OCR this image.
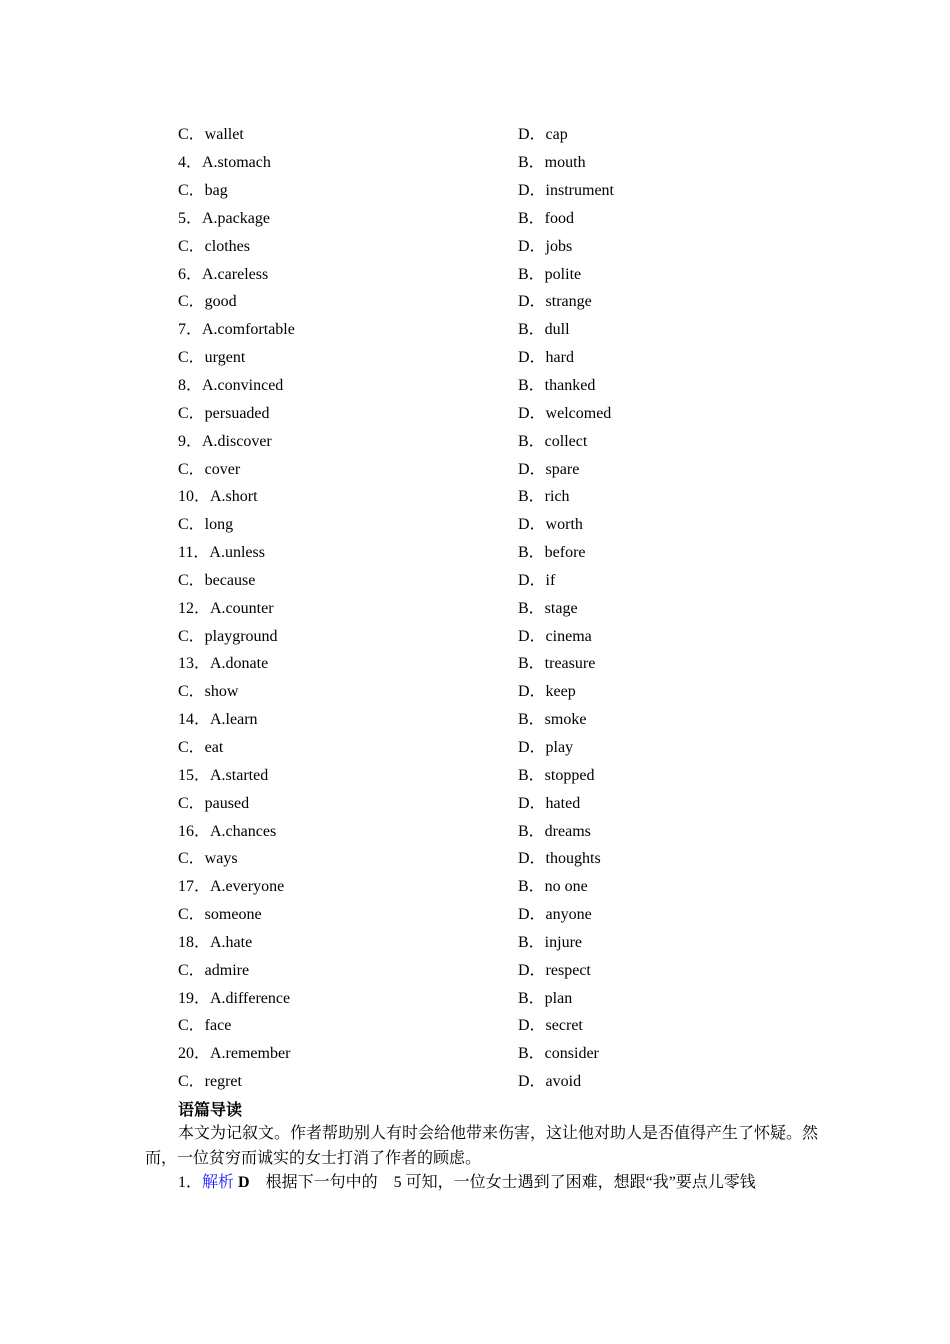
C．wallet	D．cap
4．A.stomach	B．mouth
C．bag	D．instrument
5．A.package	B．food
C．clothes	D．jobs
6．A.careless	B．polite
C．good	D．strange
7．A.comfortable	B．dull
C．urgent	D．hard
8．A.convinced	B．thanked
C．persuaded	D．welcomed
9．A.discover	B．collect
C．cover	D．spare
10．A.short	B．rich
C．long	D．worth
11．A.unless	B．before
C．because	D．if
12．A.counter	B．stage
C．playground	D．cinema
13．A.donate	B．treasure
C．show	D．keep
14．A.learn	B．smoke
C．eat	D．play
15．A.started	B．stopped
C．paused	D．hated
16．A.chances	B．dreams
C．ways	D．thoughts
17．A.everyone	B．no one
C．someone	D．anyone
18．A.hate	B．injure
C．admire	D．respect
19．A.difference	B．plan
C．face	D．secret
20．A.remember	B．consider
C．regret	D．avoid
语篇导读
本文为记叙文。作者帮助别人有时会给他带来伤害，这让他对助人是否值得产生了怀疑。然而，一位贫穷而诚实的女士打消了作者的顾虑。
1．解析 D　根据下一句中的　5 可知，一位女士遇到了困难，想跟“我”要点儿零钱
